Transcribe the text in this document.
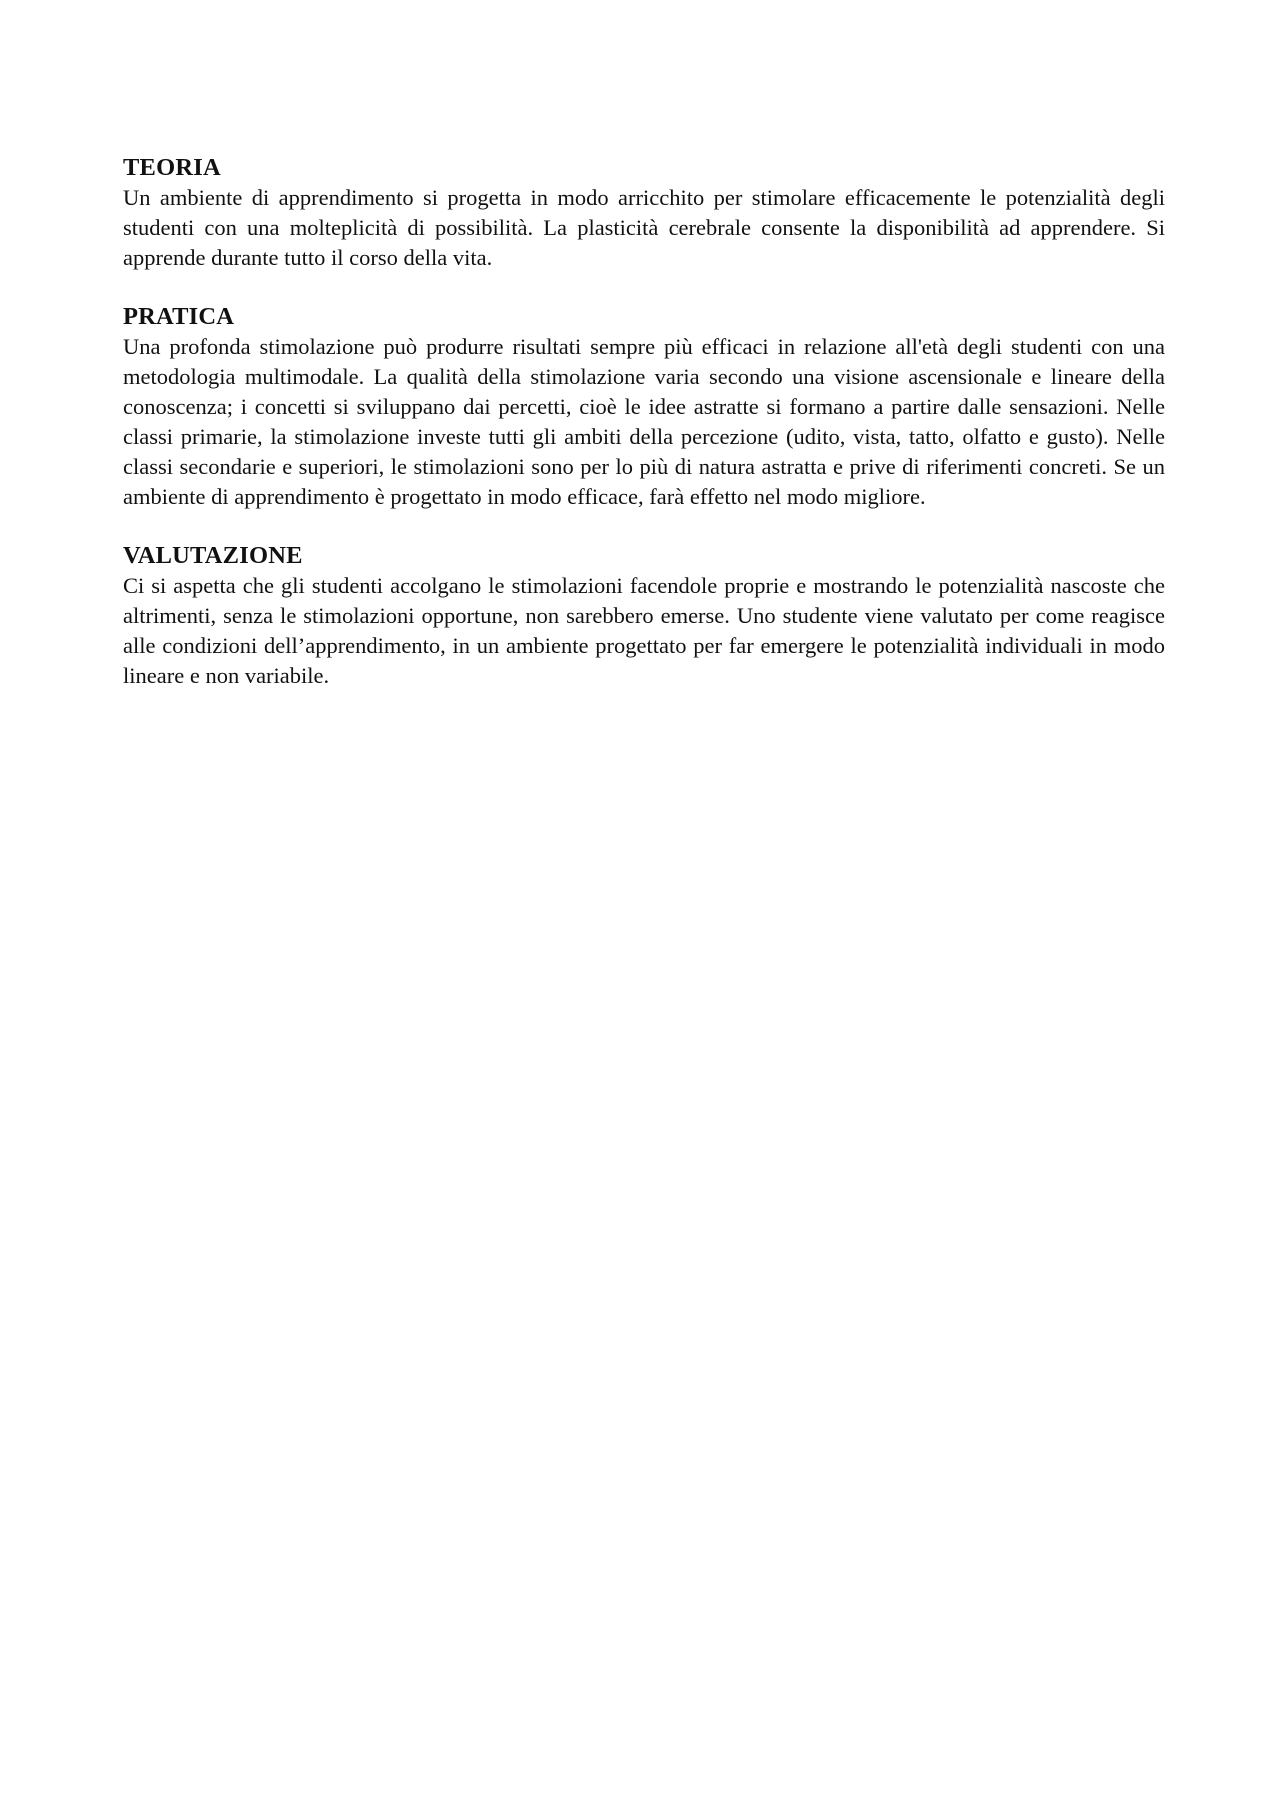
TEORIA

Un ambiente di apprendimento si progetta in modo arricchito per stimolare efficacemente le potenzialità degli studenti con una molteplicità di possibilità. La plasticità cerebrale consente la disponibilità ad apprendere. Si apprende durante tutto il corso della vita.

PRATICA

Una profonda stimolazione può produrre risultati sempre più efficaci in relazione all'età degli studenti con una metodologia multimodale. La qualità della stimolazione varia secondo una visione ascensionale e lineare della conoscenza; i concetti si sviluppano dai percetti, cioè le idee astratte si formano a partire dalle sensazioni. Nelle classi primarie, la stimolazione investe tutti gli ambiti della percezione (udito, vista, tatto, olfatto e gusto). Nelle classi secondarie e superiori, le stimolazioni sono per lo più di natura astratta e prive di riferimenti concreti. Se un ambiente di apprendimento è progettato in modo efficace, farà effetto nel modo migliore.

VALUTAZIONE

Ci si aspetta che gli studenti accolgano le stimolazioni facendole proprie e mostrando le potenzialità nascoste che altrimenti, senza le stimolazioni opportune, non sarebbero emerse. Uno studente viene valutato per come reagisce alle condizioni dell’apprendimento, in un ambiente progettato per far emergere le potenzialità individuali in modo lineare e non variabile.
